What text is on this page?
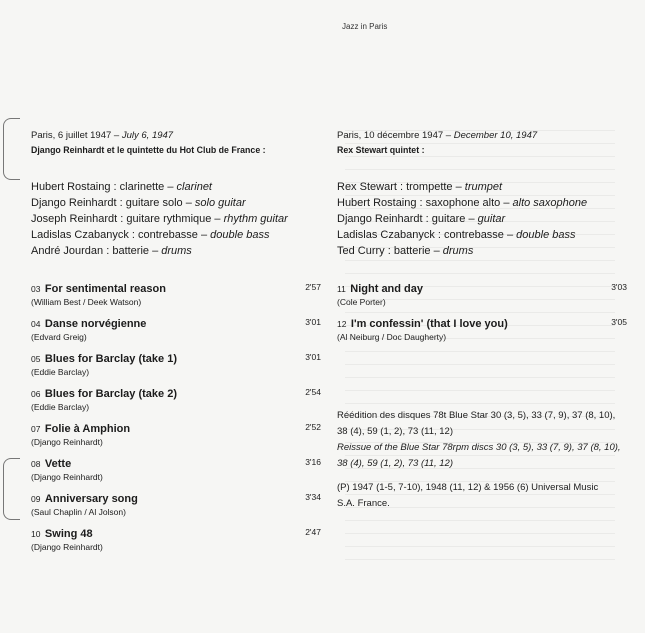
Jazz in Paris
Paris, 6 juillet 1947 – July 6, 1947
Django Reinhardt et le quintette du Hot Club de France :
Hubert Rostaing : clarinette – clarinet
Django Reinhardt : guitare solo – solo guitar
Joseph Reinhardt : guitare rythmique – rhythm guitar
Ladislas Czabanyck : contrebasse – double bass
André Jourdan : batterie – drums
03 For sentimental reason	2'57
(William Best / Deek Watson)
04 Danse norvégienne	3'01
(Edvard Greig)
05 Blues for Barclay (take 1)	3'01
(Eddie Barclay)
06 Blues for Barclay (take 2)	2'54
(Eddie Barclay)
07 Folie à Amphion	2'52
(Django Reinhardt)
08 Vette	3'16
(Django Reinhardt)
09 Anniversary song	3'34
(Saul Chaplin / Al Jolson)
10 Swing 48	2'47
(Django Reinhardt)
Paris, 10 décembre 1947 – December 10, 1947
Rex Stewart quintet :
Rex Stewart : trompette – trumpet
Hubert Rostaing : saxophone alto – alto saxophone
Django Reinhardt : guitare – guitar
Ladislas Czabanyck : contrebasse – double bass
Ted Curry : batterie – drums
11 Night and day	3'03
(Cole Porter)
12 I'm confessin' (that I love you)	3'05
(Al Neiburg / Doc Daugherty)

Réédition des disques 78t Blue Star 30 (3, 5), 33 (7, 9), 37 (8, 10), 38 (4), 59 (1, 2), 73 (11, 12)

Reissue of the Blue Star 78rpm discs 30 (3, 5), 33 (7, 9), 37 (8, 10), 38 (4), 59 (1, 2), 73 (11, 12)

(P) 1947 (1-5, 7-10), 1948 (11, 12) & 1956 (6) Universal Music S.A. France.
